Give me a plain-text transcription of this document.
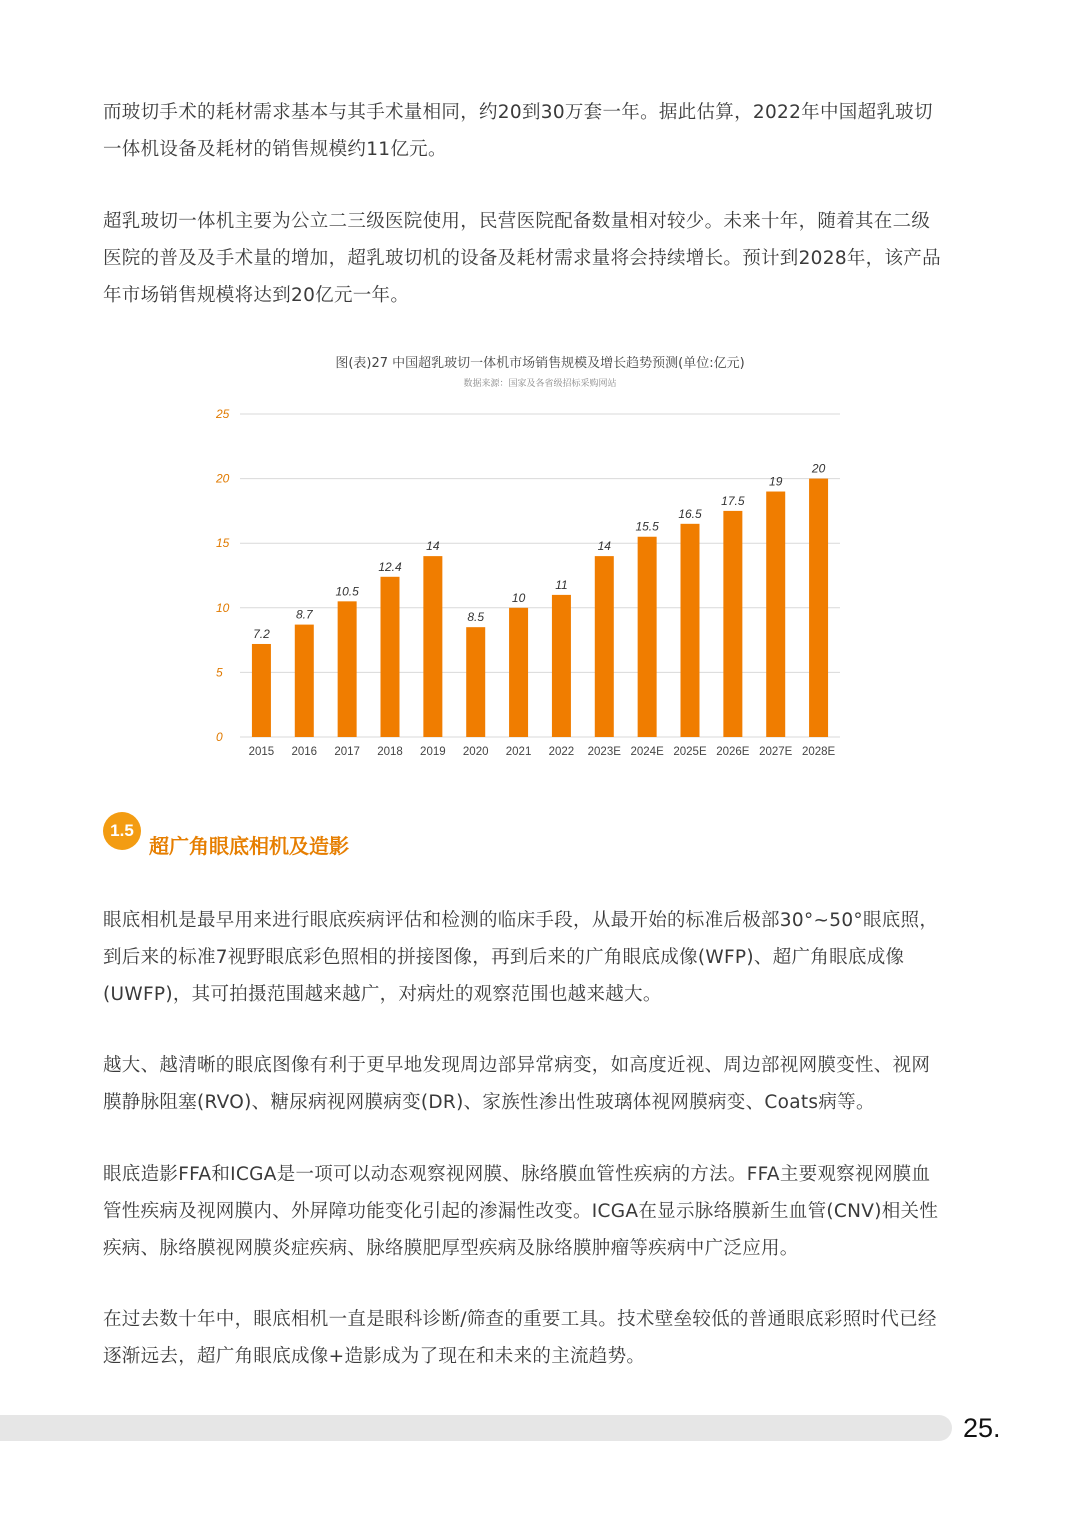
而玻切手术的耗材需求基本与其手术量相同，约20到30万套一年。据此估算，2022年中国超乳玻切
一体机设备及耗材的销售规模约11亿元。
超乳玻切一体机主要为公立二三级医院使用，民营医院配备数量相对较少。未来十年，随着其在二级
医院的普及及手术量的增加，超乳玻切机的设备及耗材需求量将会持续增长。预计到2028年，该产品
年市场销售规模将达到20亿元一年。
图(表)27 中国超乳玻切一体机市场销售规模及增长趋势预测(单位:亿元)
数据来源：国家及各省级招标采购网站
0
5
10
15
20
25
7.2
2015
8.7
2016
10.5
2017
12.4
2018
14
2019
8.5
2020
10
2021
11
2022
14
2023E
15.5
2024E
16.5
2025E
17.5
2026E
19
2027E
20
2028E
1.5
超广角眼底相机及造影
眼底相机是最早用来进行眼底疾病评估和检测的临床手段，从最开始的标准后极部30°~50°眼底照，
到后来的标准7视野眼底彩色照相的拼接图像，再到后来的广角眼底成像(WFP)、超广角眼底成像
(UWFP)，其可拍摄范围越来越广，对病灶的观察范围也越来越大。
越大、越清晰的眼底图像有利于更早地发现周边部异常病变，如高度近视、周边部视网膜变性、视网
膜静脉阻塞(RVO)、糖尿病视网膜病变(DR)、家族性渗出性玻璃体视网膜病变、Coats病等。
眼底造影FFA和ICGA是一项可以动态观察视网膜、脉络膜血管性疾病的方法。FFA主要观察视网膜血
管性疾病及视网膜内、外屏障功能变化引起的渗漏性改变。ICGA在显示脉络膜新生血管(CNV)相关性
疾病、脉络膜视网膜炎症疾病、脉络膜肥厚型疾病及脉络膜肿瘤等疾病中广泛应用。
在过去数十年中，眼底相机一直是眼科诊断/筛查的重要工具。技术壁垒较低的普通眼底彩照时代已经
逐渐远去，超广角眼底成像+造影成为了现在和未来的主流趋势。
25.
